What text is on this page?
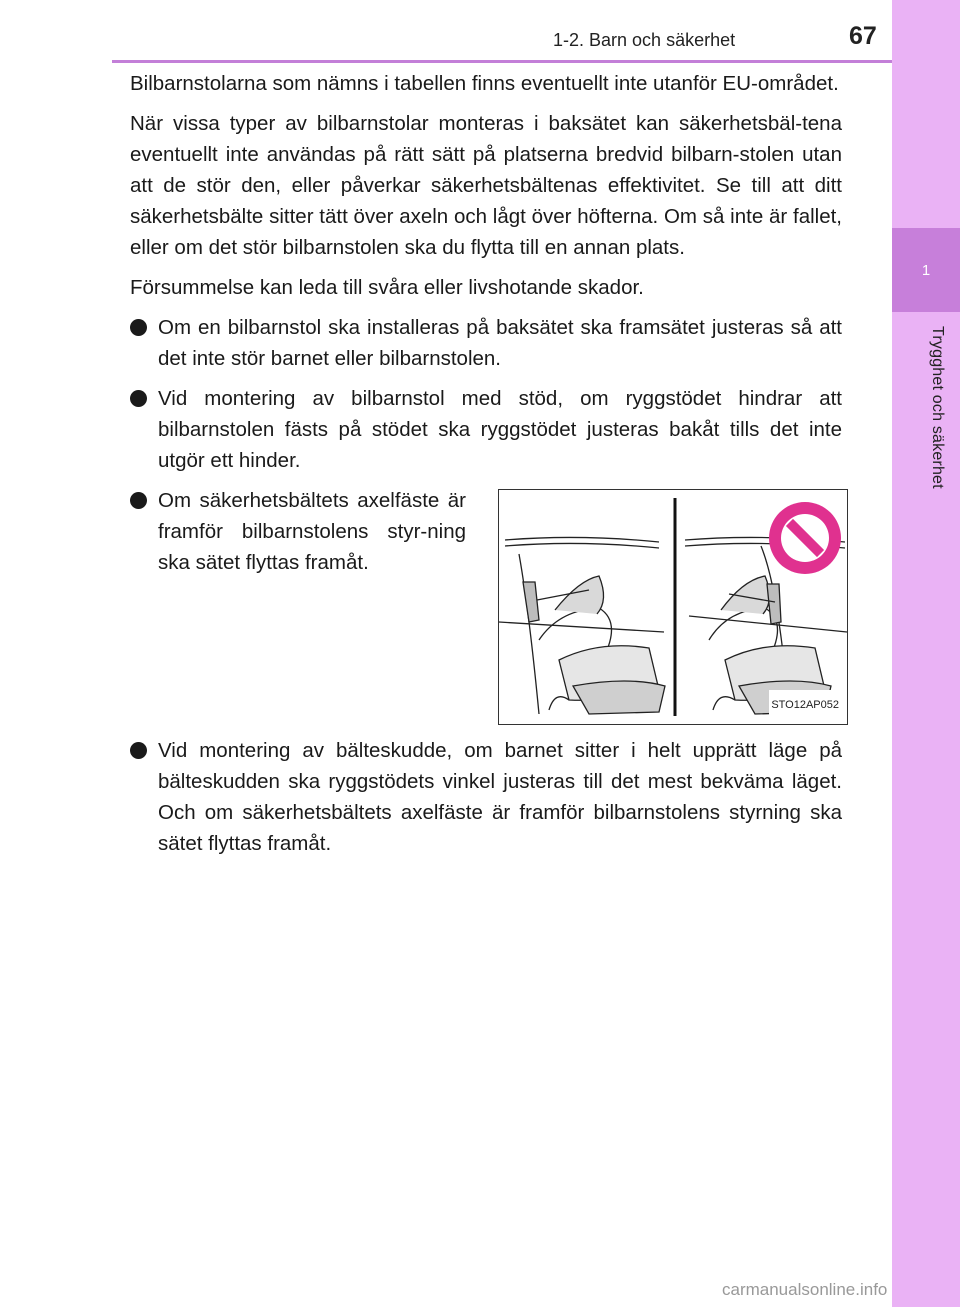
1-2. Barn och säkerhet	67
1
Trygghet och säkerhet

Bilbarnstolarna som nämns i tabellen finns eventuellt inte utanför EU-området.

När vissa typer av bilbarnstolar monteras i baksätet kan säkerhetsbäl-tena eventuellt inte användas på rätt sätt på platserna bredvid bilbarn-stolen utan att de stör den, eller påverkar säkerhetsbältenas effektivitet. Se till att ditt säkerhetsbälte sitter tätt över axeln och lågt över höfterna. Om så inte är fallet, eller om det stör bilbarnstolen ska du flytta till en annan plats.

Försummelse kan leda till svåra eller livshotande skador.

Om en bilbarnstol ska installeras på baksätet ska framsätet justeras så att det inte stör barnet eller bilbarnstolen.
Vid montering av bilbarnstol med stöd, om ryggstödet hindrar att bilbarnstolen fästs på stödet ska ryggstödet justeras bakåt tills det inte utgör ett hinder.
Om säkerhetsbältets axelfäste är framför bilbarnstolens styr-ning ska sätet flyttas framåt.
STO12AP052
Vid montering av bälteskudde, om barnet sitter i helt upprätt läge på bälteskudden ska ryggstödets vinkel justeras till det mest bekväma läget. Och om säkerhetsbältets axelfäste är framför bilbarnstolens styrning ska sätet flyttas framåt.
carmanualsonline.info
